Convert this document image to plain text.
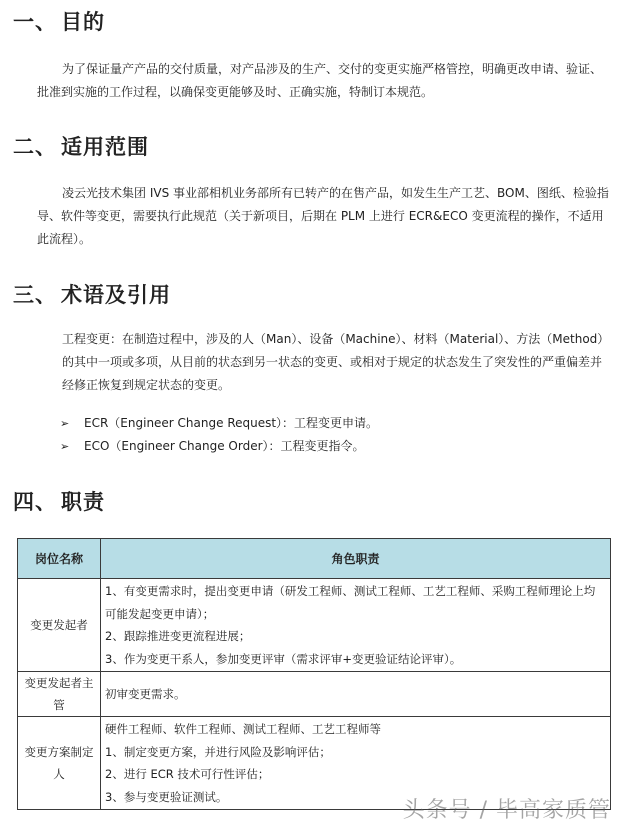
一、 目的

为了保证量产产品的交付质量，对产品涉及的生产、交付的变更实施严格管控，明确更改申请、验证、批准到实施的工作过程，以确保变更能够及时、正确实施，特制订本规范。

二、 适用范围

凌云光技术集团 IVS 事业部相机业务部所有已转产的在售产品，如发生生产工艺、BOM、图纸、检验指导、软件等变更，需要执行此规范（关于新项目，后期在 PLM 上进行 ECR&ECO 变更流程的操作，不适用此流程）。

三、 术语及引用

工程变更：在制造过程中，涉及的人（Man）、设备（Machine）、材料（Material）、方法（Method）的其中一项或多项，从目前的状态到另一状态的变更、或相对于规定的状态发生了突发性的严重偏差并经修正恢复到规定状态的变更。

➢ ECR（Engineer Change Request）：工程变更申请。
➢ ECO（Engineer Change Order）：工程变更指令。
四、 职责
岗位名称	角色职责
变更发起者	1、有变更需求时，提出变更申请（研发工程师、测试工程师、工艺工程师、采购工程师理论上均可能发起变更申请）；
2、跟踪推进变更流程进展；
3、作为变更干系人，参加变更评审（需求评审+变更验证结论评审）。

变更发起者主管	初审变更需求。

变更方案制定人	硬件工程师、软件工程师、测试工程师、工艺工程师等
1、制定变更方案，并进行风险及影响评估；
2、进行 ECR 技术可行性评估；
3、参与变更验证测试。
头条号 / 毕高家质管
